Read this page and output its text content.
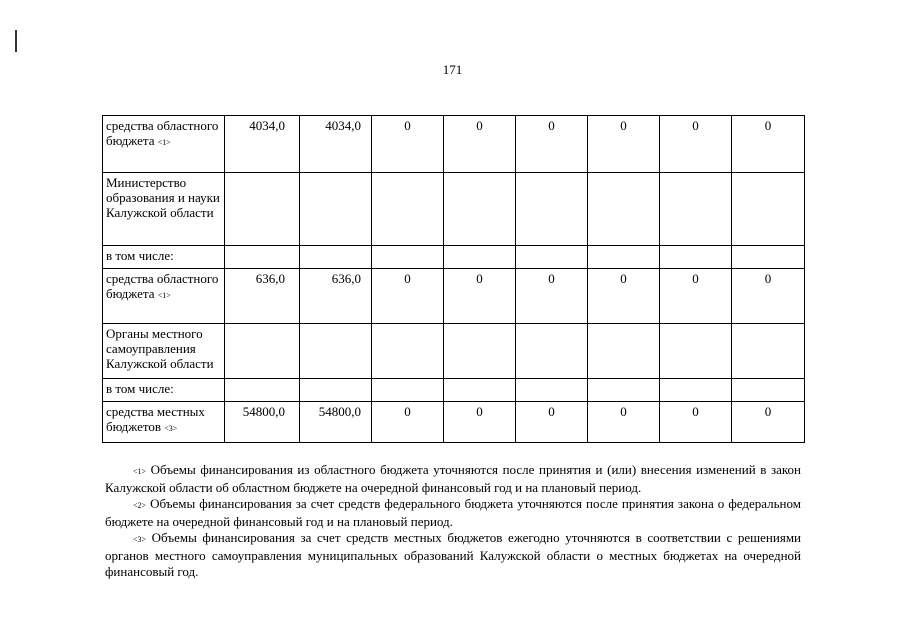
171
средства областного бюджета <1>	4034,0	4034,0	0	0	0	0	0	0
Министерство образования и науки Калужской области								
в том числе:								
средства областного бюджета <1>	636,0	636,0	0	0	0	0	0	0
Органы местного самоуправления Калужской области								
в том числе:								
средства местных бюджетов <3>	54800,0	54800,0	0	0	0	0	0	0

<1> Объемы финансирования из областного бюджета уточняются после принятия и (или) внесения изменений в закон Калужской области об областном бюджете на очередной финансовый год и на плановый период.

<2> Объемы финансирования за счет средств федерального бюджета уточняются после принятия закона о федеральном бюджете на очередной финансовый год и на плановый период.

<3> Объемы финансирования за счет средств местных бюджетов ежегодно уточняются в соответствии с решениями органов местного самоуправления муниципальных образований Калужской области о местных бюджетах на очередной финансовый год.
